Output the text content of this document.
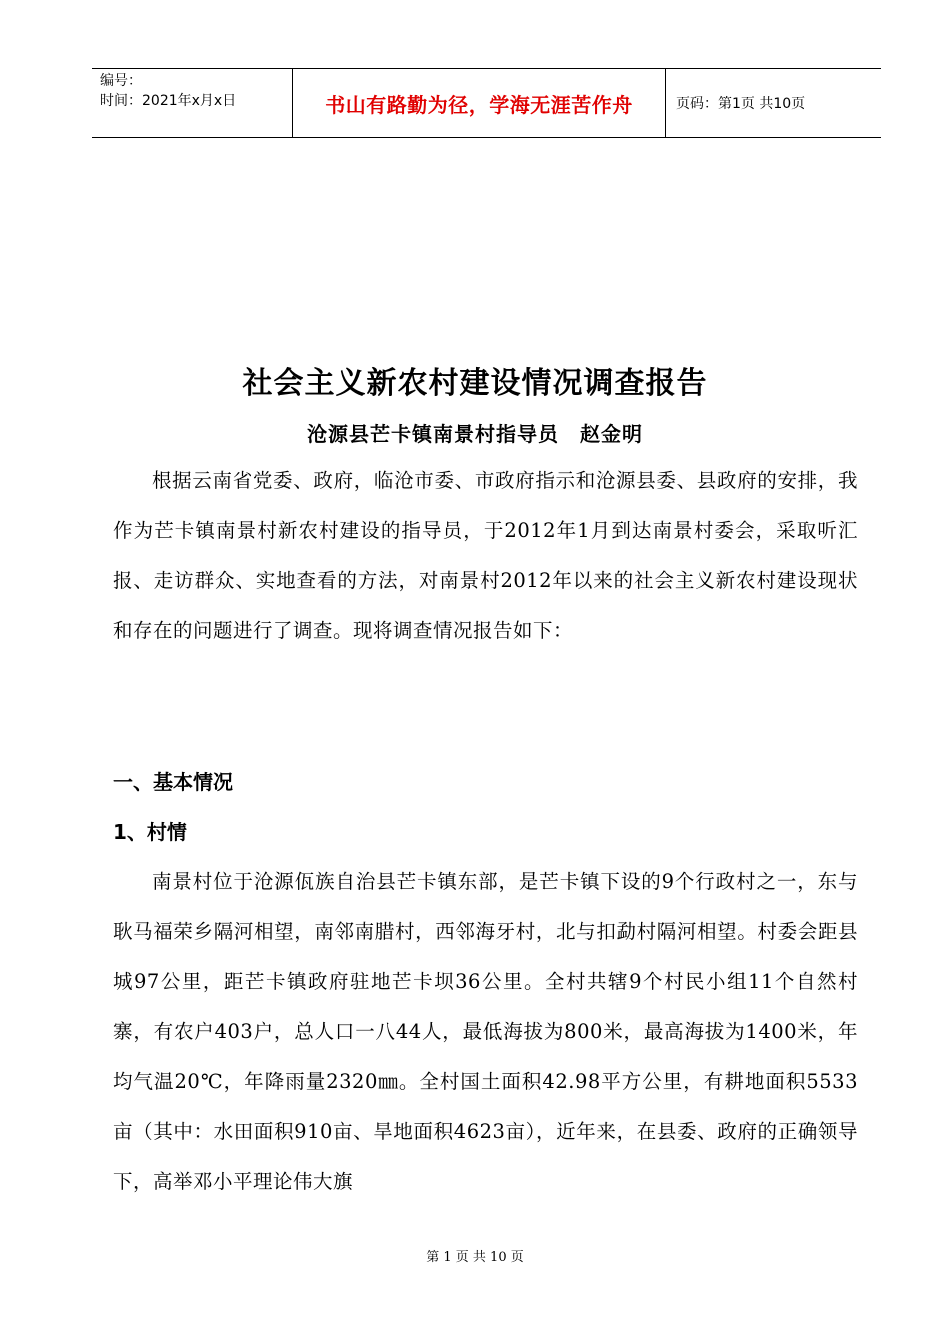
编号：
时间：2021年x月x日	书山有路勤为径，学海无涯苦作舟	页码：第1页 共10页
社会主义新农村建设情况调查报告
沧源县芒卡镇南景村指导员　赵金明
根据云南省党委、政府，临沧市委、市政府指示和沧源县委、县政府的安排，我作为芒卡镇南景村新农村建设的指导员，于2012年1月到达南景村委会，采取听汇报、走访群众、实地查看的方法，对南景村2012年以来的社会主义新农村建设现状和存在的问题进行了调查。现将调查情况报告如下：
一、基本情况
1、村情
南景村位于沧源佤族自治县芒卡镇东部，是芒卡镇下设的9个行政村之一，东与耿马福荣乡隔河相望，南邻南腊村，西邻海牙村，北与扣勐村隔河相望。村委会距县城97公里，距芒卡镇政府驻地芒卡坝36公里。全村共辖9个村民小组11个自然村寨，有农户403户，总人口一八44人，最低海拔为800米，最高海拔为1400米，年均气温20℃，年降雨量2320㎜。全村国土面积42.98平方公里，有耕地面积5533亩（其中：水田面积910亩、旱地面积4623亩），近年来，在县委、政府的正确领导下，高举邓小平理论伟大旗
第 1 页 共 10 页
